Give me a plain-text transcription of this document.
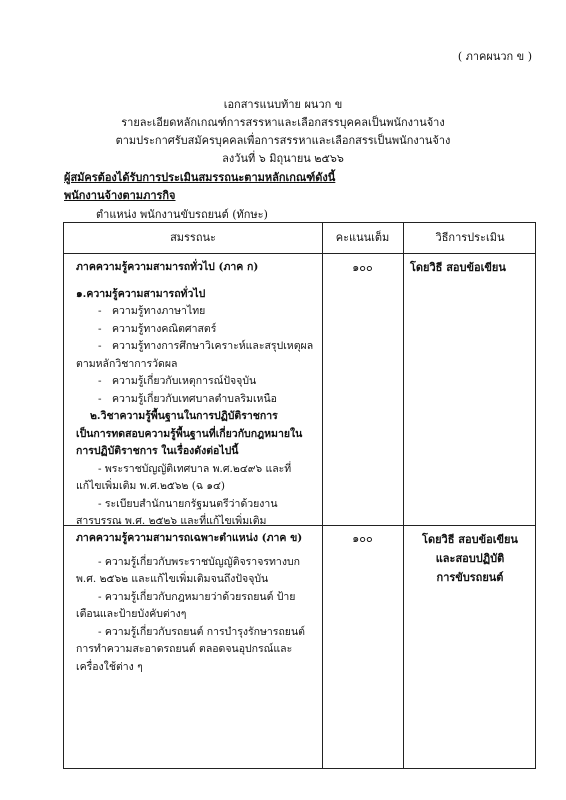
( ภาคผนวก ข )
เอกสารแนบท้าย ผนวก ข
รายละเอียดหลักเกณฑ์การสรรหาและเลือกสรรบุคคลเป็นพนักงานจ้าง
ตามประกาศรับสมัครบุคคลเพื่อการสรรหาและเลือกสรรเป็นพนักงานจ้าง
ลงวันที่ ๖ มิถุนายน ๒๕๖๖
ผู้สมัครต้องได้รับการประเมินสมรรถนะตามหลักเกณฑ์ดังนี้
พนักงานจ้างตามภารกิจ
ตำแหน่ง พนักงานขับรถยนต์ (ทักษะ)
สมรรถนะ	คะแนนเต็ม	วิธีการประเมิน
ภาคความรู้ความสามารถทั่วไป (ภาค ก)
๑.ความรู้ความสามารถทั่วไป
- ความรู้ทางภาษาไทย
- ความรู้ทางคณิตศาสตร์
- ความรู้ทางการศึกษาวิเคราะห์และสรุปเหตุผล
ตามหลักวิชาการวัดผล
- ความรู้เกี่ยวกับเหตุการณ์ปัจจุบัน
- ความรู้เกี่ยวกับเทศบาลตำบลริมเหนือ
๒.วิชาความรู้พื้นฐานในการปฏิบัติราชการ เป็นการทดสอบความรู้พื้นฐานที่เกี่ยวกับกฎหมายในการปฏิบัติราชการ ในเรื่องดังต่อไปนี้
- พระราชบัญญัติเทศบาล พ.ศ.๒๔๙๖ และที่แก้ไขเพิ่มเติม พ.ศ.๒๕๖๒ (ฉ ๑๔)
- ระเบียบสำนักนายกรัฐมนตรีว่าด้วยงานสารบรรณ พ.ศ. ๒๕๒๖ และที่แก้ไขเพิ่มเติม
๑๐๐	โดยวิธี สอบข้อเขียน
ภาคความรู้ความสามารถเฉพาะตำแหน่ง (ภาค ข)
- ความรู้เกี่ยวกับพระราชบัญญัติจราจรทางบก พ.ศ. ๒๕๖๒ และแก้ไขเพิ่มเติมจนถึงปัจจุบัน
- ความรู้เกี่ยวกับกฎหมายว่าด้วยรถยนต์ ป้ายเตือนและป้ายบังคับต่างๆ
- ความรู้เกี่ยวกับรถยนต์ การบำรุงรักษารถยนต์ การทำความสะอาดรถยนต์ ตลอดจนอุปกรณ์และเครื่องใช้ต่าง ๆ
๑๐๐	โดยวิธี สอบข้อเขียน
และสอบปฏิบัติ
การขับรถยนต์
